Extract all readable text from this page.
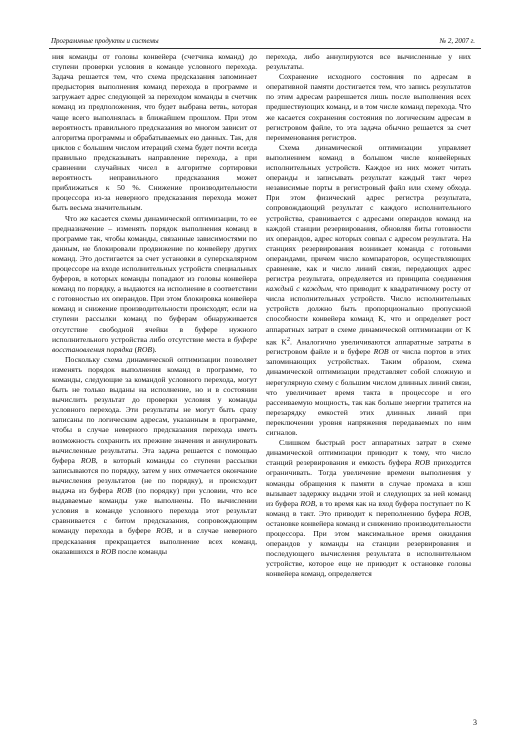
Программные продукты и системы	№ 2, 2007 г.

ния команды от головы конвейера (счетчика команд) до ступени проверки условия в команде условного перехода. Задача решается тем, что схема предсказания запоминает предыстория выполнения команд перехода в программе и загружает адрес следующей за переходом команды в счетчик команд из предположения, что будет выбрана ветвь, которая чаще всего выполнялась в ближайшем прошлом. При этом вероятность правильного предсказания во многом зависит от алгоритма программы и обрабатываемых ею данных. Так, для циклов с большим числом итераций схема будет почти всегда правильно предсказывать направление перехода, а при сравнении случайных чисел в алгоритме сортировки вероятность неправильного предсказания может приближаться к 50 %. Снижение производительности процессора из-за неверного предсказания перехода может быть весьма значительным.

Что же касается схемы динамической оптимизации, то ее предназначение – изменять порядок выполнения команд в программе так, чтобы команды, связанные зависимостями по данным, не блокировали продвижение по конвейеру других команд. Это достигается за счет установки в суперскалярном процессоре на входе исполнительных устройств специальных буферов, в которых команды попадают из головы конвейера команд по порядку, а выдаются на исполнение в соответствии с готовностью их операндов. При этом блокировка конвейера команд и снижение производительности происходят, если на ступени рассылки команд по буферам обнаруживается отсутствие свободной ячейки в буфере нужного исполнительного устройства либо отсутствие места в буфере восстановления порядка (ROB).

Поскольку схема динамической оптимизации позволяет изменять порядок выполнения команд в программе, то команды, следующие за командой условного перехода, могут быть не только выданы на исполнение, но и в состоянии вычислить результат до проверки условия у команды условного перехода. Эти результаты не могут быть сразу записаны по логическим адресам, указанным в программе, чтобы в случае неверного предсказания перехода иметь возможность сохранить их прежние значения и аннулировать вычисленные результаты. Эта задача решается с помощью буфера ROB, в который команды со ступени рассылки записываются по порядку, затем у них отмечается окончание вычисления результатов (не по порядку), и происходит выдача из буфера ROB (по порядку) при условии, что все выдаваемые команды уже выполнены. По вычислении условия в команде условного перехода этот результат сравнивается с битом предсказания, сопровождающим команду перехода в буфере ROB, и в случае неверного предсказания прекращается выполнение всех команд, оказавшихся в ROB после команды

перехода, либо аннулируются все вычисленные у них результаты.

Сохранение исходного состояния по адресам в оперативной памяти достигается тем, что запись результатов по этим адресам разрешается лишь после выполнения всех предшествующих команд, и в том числе команд перехода. Что же касается сохранения состояния по логическим адресам в регистровом файле, то эта задача обычно решается за счет переименования регистров.

Схема динамической оптимизации управляет выполнением команд в большом числе конвейерных исполнительных устройств. Каждое из них может читать операнды и записывать результат каждый такт через независимые порты в регистровый файл или схему обхода. При этом физический адрес регистра результата, сопровождающий результат с каждого исполнительного устройства, сравнивается с адресами операндов команд на каждой станции резервирования, обновляя биты готовности их операндов, адрес которых совпал с адресом результата. На станциях резервирования возникает команда с готовыми операндами, причем число компараторов, осуществляющих сравнение, как и число линий связи, передающих адрес регистра результата, определяется из принципа соединения каждый с каждым, что приводит к квадратичному росту от числа исполнительных устройств. Число исполнительных устройств должно быть пропорционально пропускной способности конвейера команд K, что и определяет рост аппаратных затрат в схеме динамической оптимизации от K как $K^2$. Аналогично увеличиваются аппаратные затраты в регистровом файле и в буфере ROB от числа портов в этих запоминающих устройствах. Таким образом, схема динамической оптимизации представляет собой сложную и нерегулярную схему с большим числом длинных линий связи, что увеличивает время такта в процессоре и его рассеиваемую мощность, так как больше энергии тратится на перезарядку емкостей этих длинных линий при переключении уровня напряжения передаваемых по ним сигналов.

Слишком быстрый рост аппаратных затрат в схеме динамической оптимизации приводит к тому, что число станций резервирования и емкость буфера ROB приходится ограничивать. Тогда увеличение времени выполнения у команды обращения к памяти в случае промаха в кэш вызывает задержку выдачи этой и следующих за ней команд из буфера ROB, в то время как на вход буфера поступает по K команд в такт. Это приводит к переполнению буфера ROB, остановке конвейера команд и снижению производительности процессора. При этом максимальное время ожидания операндов у команды на станции резервирования и последующего вычисления результата в исполнительном устройстве, которое еще не приводит к остановке головы конвейера команд, определяется

3
